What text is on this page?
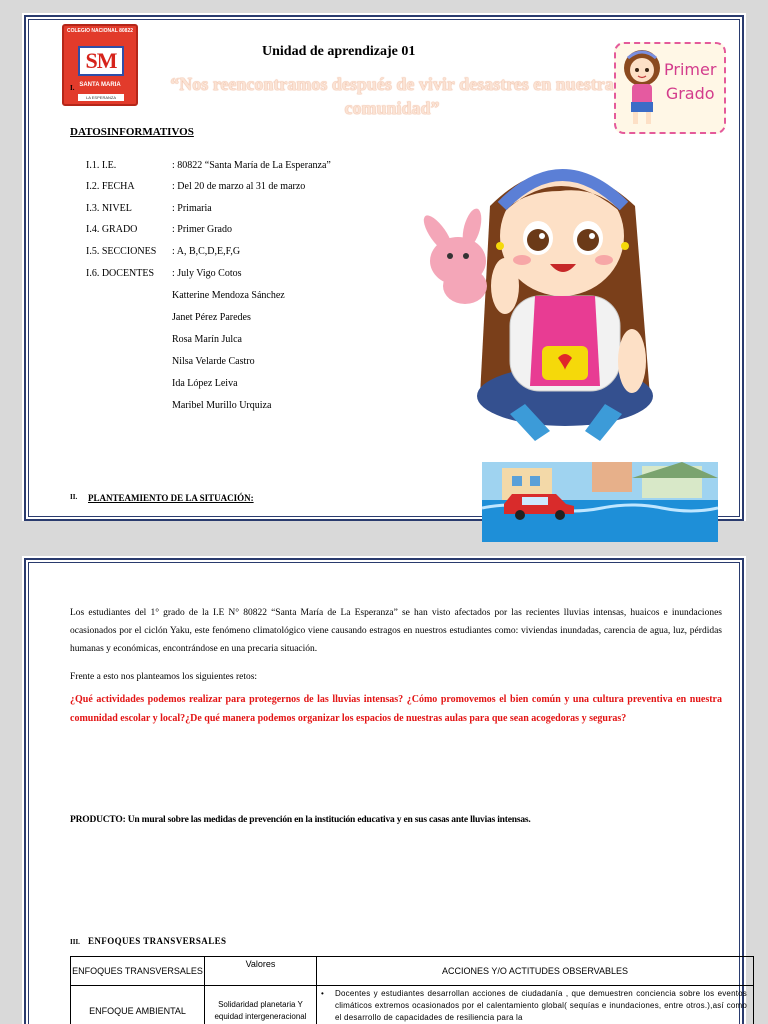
COLEGIO NACIONAL 80822
SM
SANTA MARIA
LA ESPERANZA
Unidad de aprendizaje 01
I.	“Nos reencontramos después de vivir desastres en nuestra comunidad”
Primer
Grado
DATOSINFORMATIVOS
I.1. I.E.	: 80822 “Santa María de La Esperanza”
I.2. FECHA	: Del 20 de marzo al 31 de marzo
I.3. NIVEL	: Primaria
I.4. GRADO	: Primer Grado
I.5. SECCIONES : A, B,C,D,E,F,G
I.6. DOCENTES : July Vigo Cotos
Katterine Mendoza Sánchez
Janet Pérez Paredes
Rosa Marín Julca
Nilsa Velarde Castro
Ida López Leiva
Maribel Murillo Urquiza
II. PLANTEAMIENTO DE LA SITUACIÓN:
Los estudiantes del 1° grado de la I.E N° 80822 “Santa María de La Esperanza” se han visto afectados por las recientes lluvias intensas, huaicos e inundaciones ocasionados por el ciclón Yaku, este fenómeno climatológico viene causando estragos en nuestros estudiantes como: viviendas inundadas, carencia de agua, luz, pérdidas humanas y económicas, encontrándose en una precaria situación.
Frente a esto nos planteamos los siguientes retos:
¿Qué actividades podemos realizar para protegernos de las lluvias intensas? ¿Cómo promovemos el bien común y una cultura preventiva en nuestra comunidad escolar y local?¿De qué manera podemos organizar los espacios de nuestras aulas para que sean acogedoras y seguras?
PRODUCTO: Un mural sobre las medidas de prevención en la institución educativa y en sus casas ante lluvias intensas.
III. ENFOQUES TRANSVERSALES
ENFOQUES TRANSVERSALES	Valores	ACCIONES Y/O ACTITUDES OBSERVABLES
ENFOQUE AMBIENTAL	Solidaridad planetaria Y equidad intergeneracional	• Docentes y estudiantes desarrollan acciones de ciudadanía , que demuestren conciencia sobre los eventos climáticos extremos ocasionados por el calentamiento global( sequías e inundaciones, entre otros.),así como el desarrollo de capacidades de resiliencia para la
